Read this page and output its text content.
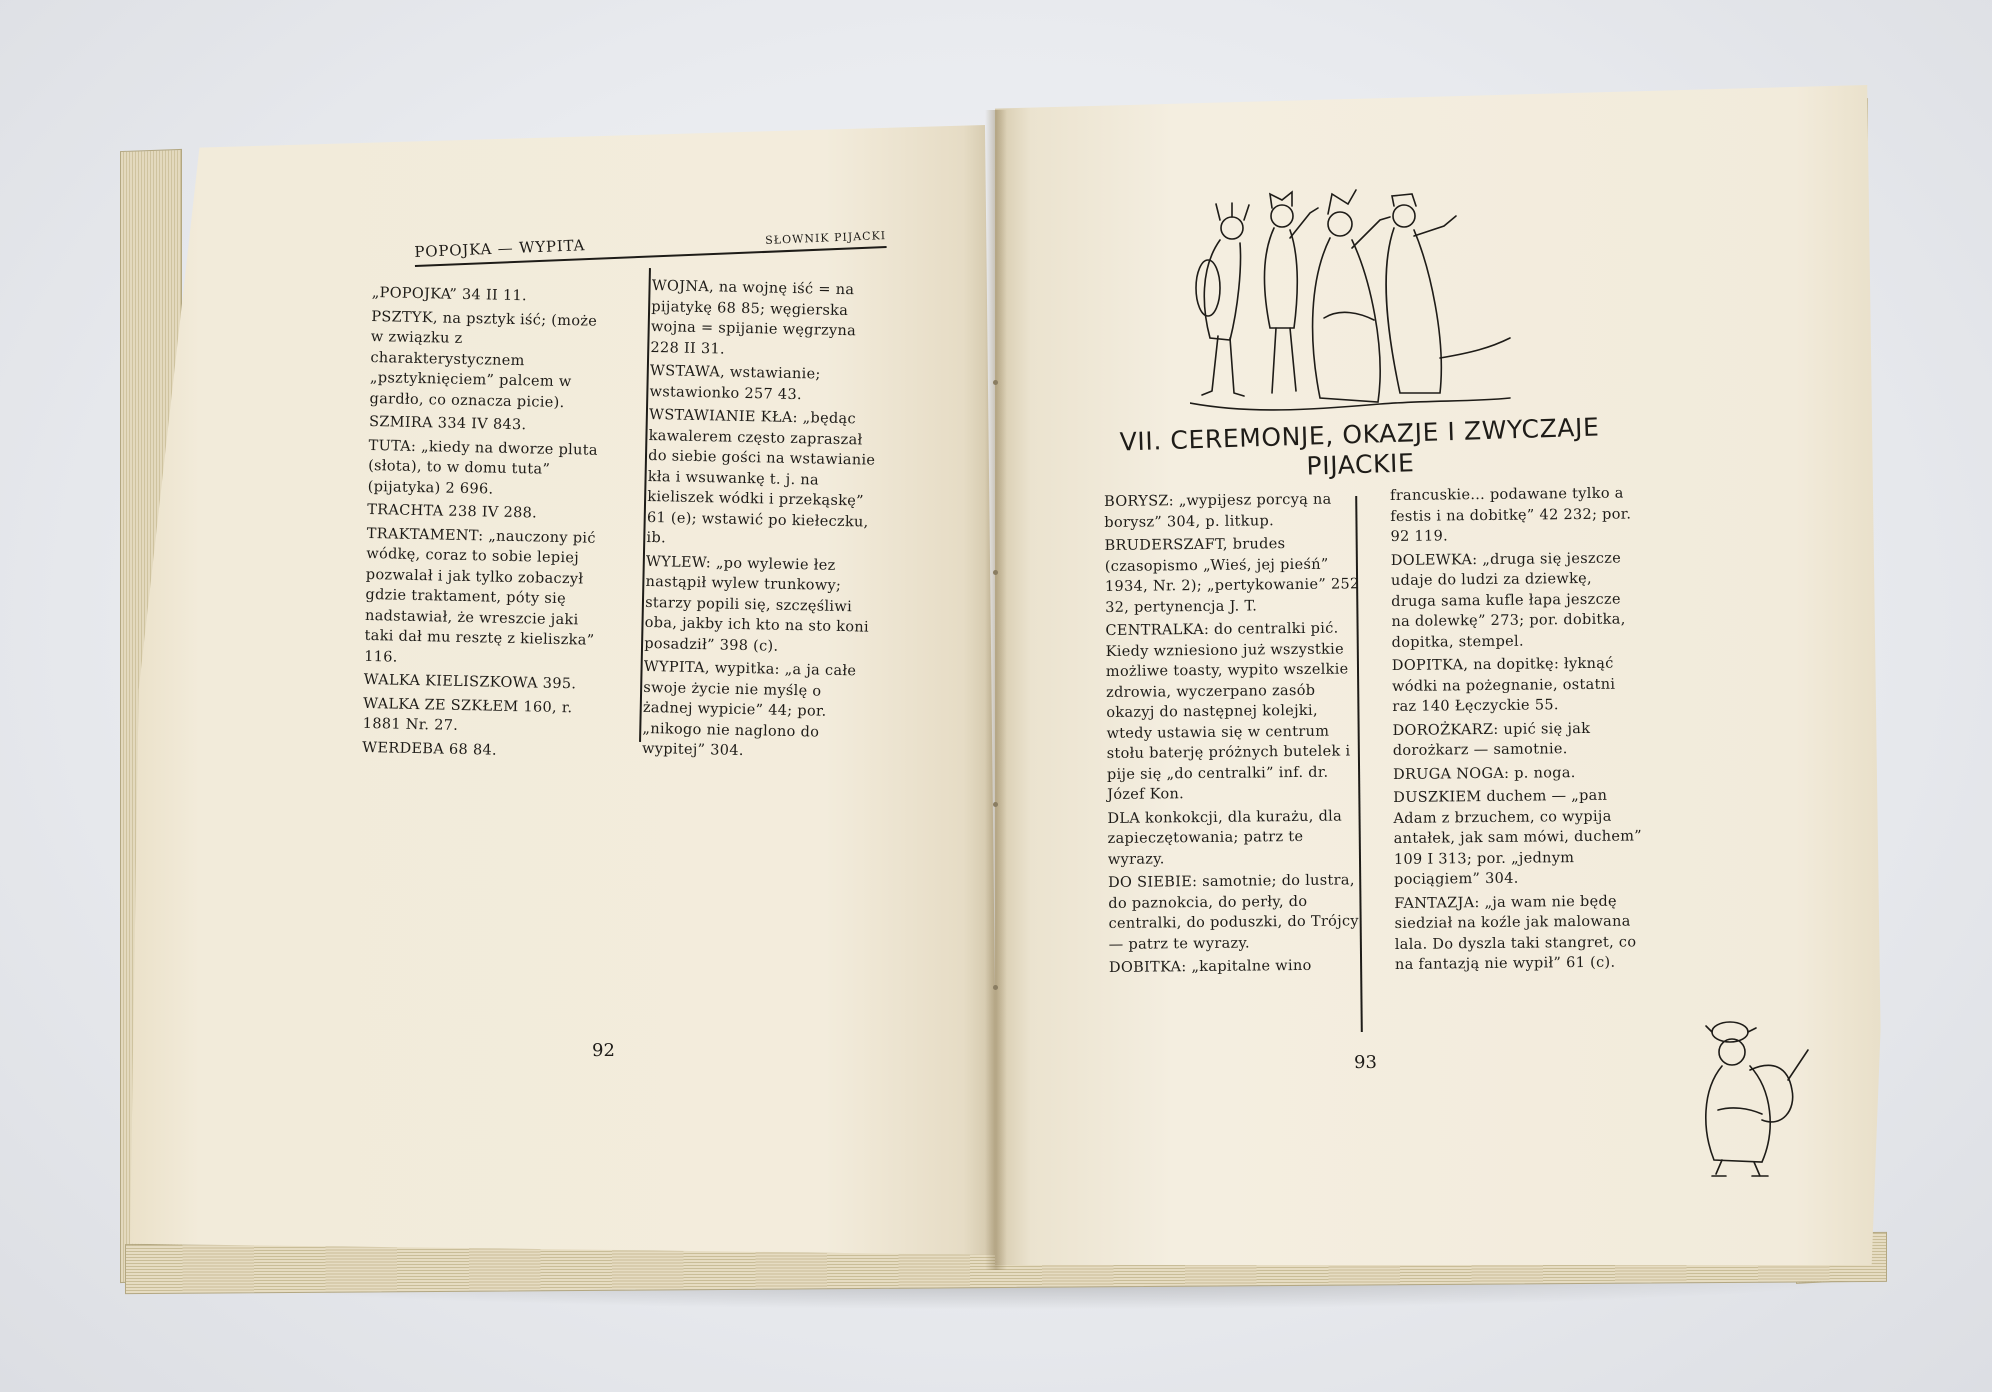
POPOJKA — WYPITA	SŁOWNIK PIJACKI

„POPOJKA” 34 II 11.

PSZTYK, na psztyk iść; (może w związku z charakterystycznem „psztyknięciem” palcem w gardło, co oznacza picie).

SZMIRA 334 IV 843.

TUTA: „kiedy na dworze pluta (słota), to w domu tuta” (pijatyka) 2 696.

TRACHTA 238 IV 288.

TRAKTAMENT: „nauczony pić wódkę, coraz to sobie lepiej pozwalał i jak tylko zobaczył gdzie traktament, póty się nadstawiał, że wreszcie jaki taki dał mu resztę z kieliszka” 116.

WALKA KIELISZKOWA 395.

WALKA ZE SZKŁEM 160, r. 1881 Nr. 27.

WERDEBA 68 84.

WOJNA, na wojnę iść = na pijatykę 68 85; węgierska wojna = spijanie węgrzyna 228 II 31.

WSTAWA, wstawianie; wstawionko 257 43.

WSTAWIANIE KŁA: „będąc kawalerem często zapraszał do siebie gości na wstawianie kła i wsuwankę t. j. na kieliszek wódki i przekąskę” 61 (e); wstawić po kiełeczku, ib.

WYLEW: „po wylewie łez nastąpił wylew trunkowy; starzy popili się, szczęśliwi oba, jakby ich kto na sto koni posadził” 398 (c).

WYPITA, wypitka: „a ja całe swoje życie nie myślę o żadnej wypicie” 44; por. „nikogo nie naglono do wypitej” 304.

92
VII. CEREMONJE, OKAZJE I ZWYCZAJE PIJACKIE

BORYSZ: „wypijesz porcyą na borysz” 304, p. litkup.

BRUDERSZAFT, brudes (czasopismo „Wieś, jej pieśń” 1934, Nr. 2); „pertykowanie” 252 32, pertynencja J. T.

CENTRALKA: do centralki pić. Kiedy wzniesiono już wszystkie możliwe toasty, wypito wszelkie zdrowia, wyczerpano zasób okazyj do następnej kolejki, wtedy ustawia się w centrum stołu baterję próżnych butelek i pije się „do centralki” inf. dr. Józef Kon.

DLA konkokcji, dla kurażu, dla zapieczętowania; patrz te wyrazy.

DO SIEBIE: samotnie; do lustra, do paznokcia, do perły, do centralki, do poduszki, do Trójcy — patrz te wyrazy.

DOBITKA: „kapitalne wino

francuskie... podawane tylko a festis i na dobitkę” 42 232; por. 92 119.

DOLEWKA: „druga się jeszcze udaje do ludzi za dziewkę, druga sama kufle łapa jeszcze na dolewkę” 273; por. dobitka, dopitka, stempel.

DOPITKA, na dopitkę: łyknąć wódki na pożegnanie, ostatni raz 140 Łęczyckie 55.

DOROŻKARZ: upić się jak dorożkarz — samotnie.

DRUGA NOGA: p. noga.

DUSZKIEM duchem — „pan Adam z brzuchem, co wypija antałek, jak sam mówi, duchem” 109 I 313; por. „jednym pociągiem” 304.

FANTAZJA: „ja wam nie będę siedział na koźle jak malowana lala. Do dyszla taki stangret, co na fantazją nie wypił” 61 (c).

93
